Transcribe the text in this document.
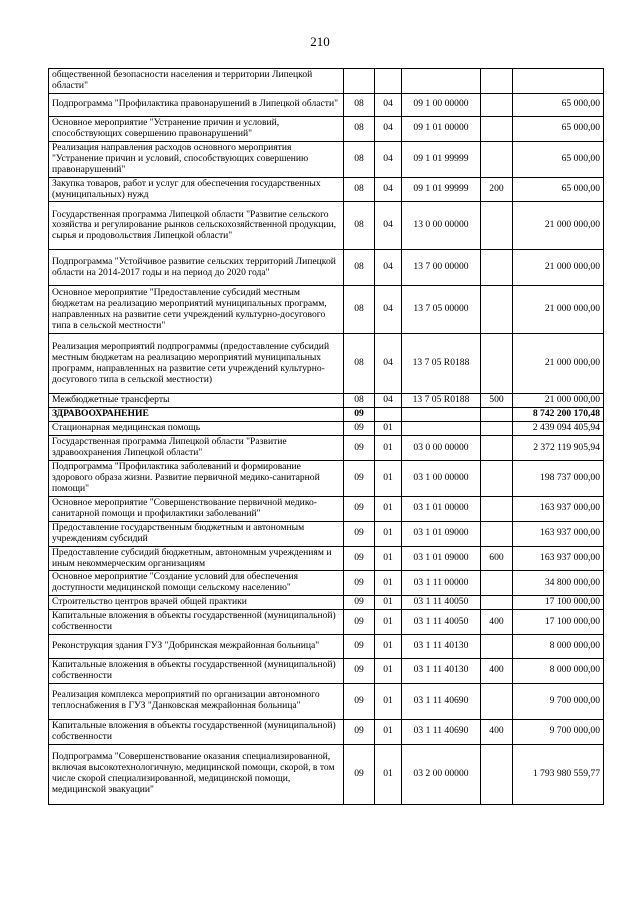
210
общественной безопасности населения и территории Липецкой области"					
Подпрограмма "Профилактика правонарушений в Липецкой области"	08	04	09 1 00 00000		65 000,00
Основное мероприятие "Устранение причин и условий, способствующих совершению правонарушений"	08	04	09 1 01 00000		65 000,00
Реализация направления расходов основного мероприятия "Устранение причин и условий, способствующих совершению правонарушений"	08	04	09 1 01 99999		65 000,00
Закупка товаров, работ и услуг для обеспечения государственных (муниципальных) нужд	08	04	09 1 01 99999	200	65 000,00
Государственная программа Липецкой области "Развитие сельского хозяйства и регулирование рынков сельскохозяйственной продукции, сырья и продовольствия Липецкой области"	08	04	13 0 00 00000		21 000 000,00
Подпрограмма "Устойчивое развитие сельских территорий Липецкой области на 2014-2017 годы и на период до 2020 года"	08	04	13 7 00 00000		21 000 000,00
Основное мероприятие "Предоставление субсидий местным бюджетам на реализацию мероприятий муниципальных программ, направленных на развитие сети учреждений культурно-досугового типа в сельской местности"	08	04	13 7 05 00000		21 000 000,00
Реализация мероприятий подпрограммы (предоставление субсидий местным бюджетам на реализацию мероприятий муниципальных программ, направленных на развитие сети учреждений культурно-досугового типа в сельской местности)	08	04	13 7 05 R0188		21 000 000,00
Межбюджетные трансферты	08	04	13 7 05 R0188	500	21 000 000,00
ЗДРАВООХРАНЕНИЕ	09				8 742 200 170,48
Стационарная медицинская помощь	09	01			2 439 094 405,94
Государственная программа Липецкой области "Развитие здравоохранения Липецкой области"	09	01	03 0 00 00000		2 372 119 905,94
Подпрограмма "Профилактика заболеваний и формирование здорового образа жизни. Развитие первичной медико-санитарной помощи"	09	01	03 1 00 00000		198 737 000,00
Основное мероприятие "Совершенствование первичной медико-санитарной помощи и профилактики заболеваний"	09	01	03 1 01 00000		163 937 000,00
Предоставление государственным бюджетным и автономным учреждениям субсидий	09	01	03 1 01 09000		163 937 000,00
Предоставление субсидий бюджетным, автономным учреждениям и иным некоммерческим организациям	09	01	03 1 01 09000	600	163 937 000,00
Основное мероприятие "Создание условий для обеспечения доступности медицинской помощи сельскому населению"	09	01	03 1 11 00000		34 800 000,00
Строительство центров врачей общей практики	09	01	03 1 11 40050		17 100 000,00
Капитальные вложения в объекты государственной (муниципальной) собственности	09	01	03 1 11 40050	400	17 100 000,00
Реконструкция здания ГУЗ "Добринская межрайонная больница"	09	01	03 1 11 40130		8 000 000,00
Капитальные вложения в объекты государственной (муниципальной) собственности	09	01	03 1 11 40130	400	8 000 000,00
Реализация комплекса мероприятий по организации автономного теплоснабжения в ГУЗ "Данковская межрайонная больница"	09	01	03 1 11 40690		9 700 000,00
Капитальные вложения в объекты государственной (муниципальной) собственности	09	01	03 1 11 40690	400	9 700 000,00
Подпрограмма "Совершенствование оказания специализированной, включая высокотехнологичную, медицинской помощи, скорой, в том числе скорой специализированной, медицинской помощи, медицинской эвакуации"	09	01	03 2 00 00000		1 793 980 559,77
